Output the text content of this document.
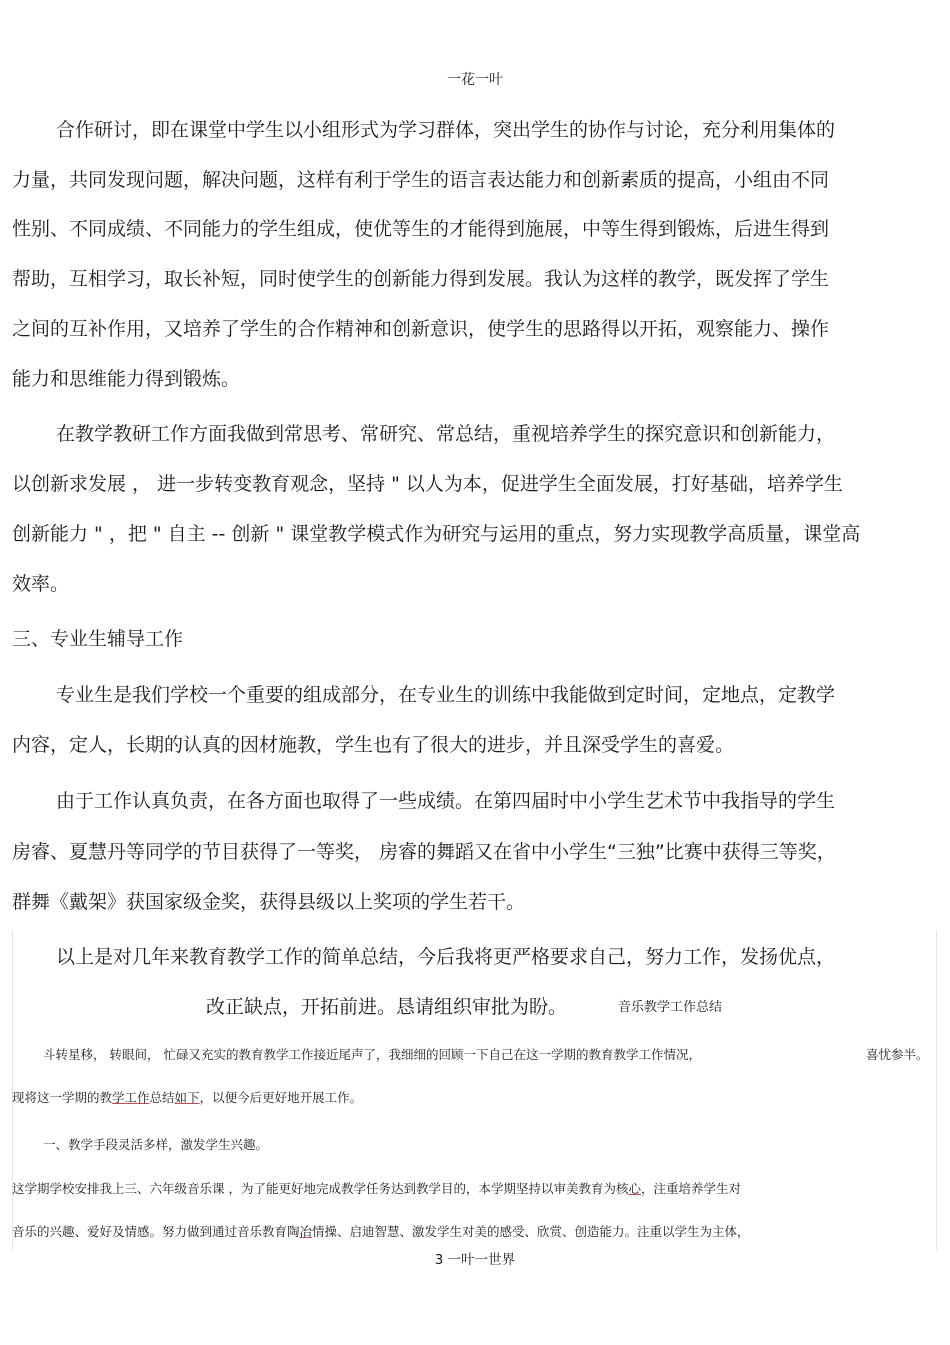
一花一叶
合作研讨，即在课堂中学生以小组形式为学习群体，突出学生的协作与讨论，充分利用集体的
力量，共同发现问题，解决问题，这样有利于学生的语言表达能力和创新素质的提高，小组由不同
性别、不同成绩、不同能力的学生组成，使优等生的才能得到施展，中等生得到锻炼，后进生得到
帮助，互相学习，取长补短，同时使学生的创新能力得到发展。我认为这样的教学，既发挥了学生
之间的互补作用，又培养了学生的合作精神和创新意识，使学生的思路得以开拓，观察能力、操作
能力和思维能力得到锻炼。
在教学教研工作方面我做到常思考、常研究、常总结，重视培养学生的探究意识和创新能力，
以创新求发展 ， 进一步转变教育观念，坚持 " 以人为本，促进学生全面发展，打好基础，培养学生
创新能力 " ，把 " 自主 -- 创新 " 课堂教学模式作为研究与运用的重点，努力实现教学高质量，课堂高
效率。
三、专业生辅导工作
专业生是我们学校一个重要的组成部分，在专业生的训练中我能做到定时间，定地点，定教学
内容，定人，长期的认真的因材施教，学生也有了很大的进步，并且深受学生的喜爱。
由于工作认真负责，在各方面也取得了一些成绩。在第四届时中小学生艺术节中我指导的学生
房睿、夏慧丹等同学的节目获得了一等奖， 房睿的舞蹈又在省中小学生“三独”比赛中获得三等奖，
群舞《戴架》获国家级金奖，获得县级以上奖项的学生若干。
以上是对几年来教育教学工作的简单总结，今后我将更严格要求自己，努力工作，发扬优点，
改正缺点，开拓前进。恳请组织审批为盼。	音乐教学工作总结
斗转星移， 转眼间， 忙碌又充实的教育教学工作接近尾声了，我细细的回顾一下自己在这一学期的教育教学工作情况，	喜忧参半。
现将这一学期的教学工作总结如下，以便今后更好地开展工作。
一、教学手段灵活多样，激发学生兴趣。
这学期学校安排我上三、六年级音乐课 ，为了能更好地完成教学任务达到教学目的，本学期坚持以审美教育为核心，注重培养学生对
音乐的兴趣、爱好及情感。努力做到通过音乐教育陶冶情操、启迪智慧、激发学生对美的感受、欣赏、创造能力。注重以学生为主体，
3 一叶一世界
